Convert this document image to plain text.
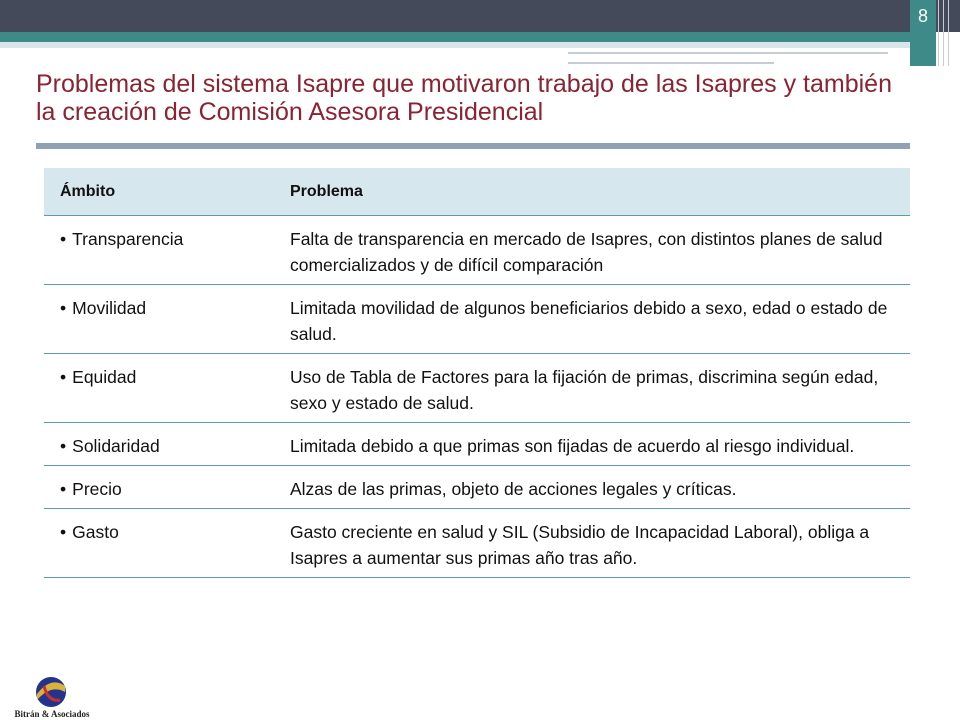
8
Problemas del sistema Isapre que motivaron trabajo de las Isapres y también la creación de Comisión Asesora Presidencial
Ámbito	Problema
• Transparencia	Falta de transparencia en mercado de Isapres, con distintos planes de salud comercializados y de difícil comparación
• Movilidad	Limitada movilidad de algunos beneficiarios debido a sexo, edad o estado de salud.
• Equidad	Uso de Tabla de Factores para la fijación de primas, discrimina según edad, sexo y estado de salud.
• Solidaridad	Limitada debido a que primas son fijadas de acuerdo al riesgo individual.
• Precio	Alzas de las primas, objeto de acciones legales y críticas.
• Gasto	Gasto creciente en salud y SIL (Subsidio de Incapacidad Laboral), obliga a Isapres a aumentar sus primas año tras año.
Bitrán & Asociados
